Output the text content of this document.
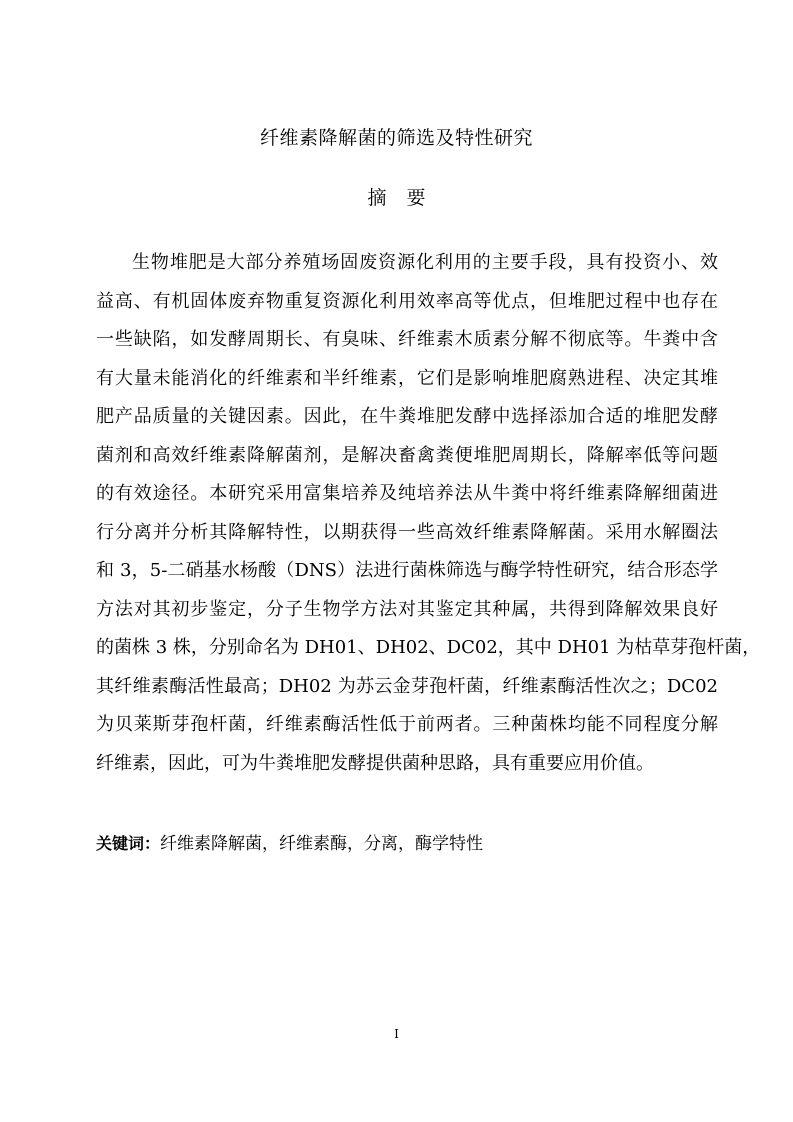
纤维素降解菌的筛选及特性研究
摘要
生物堆肥是大部分养殖场固废资源化利用的主要手段，具有投资小、效
益高、有机固体废弃物重复资源化利用效率高等优点，但堆肥过程中也存在
一些缺陷，如发酵周期长、有臭味、纤维素木质素分解不彻底等。牛粪中含
有大量未能消化的纤维素和半纤维素，它们是影响堆肥腐熟进程、决定其堆
肥产品质量的关键因素。因此，在牛粪堆肥发酵中选择添加合适的堆肥发酵
菌剂和高效纤维素降解菌剂，是解决畜禽粪便堆肥周期长，降解率低等问题
的有效途径。本研究采用富集培养及纯培养法从牛粪中将纤维素降解细菌进
行分离并分析其降解特性，以期获得一些高效纤维素降解菌。采用水解圈法
和 3，5-二硝基水杨酸（DNS）法进行菌株筛选与酶学特性研究，结合形态学
方法对其初步鉴定，分子生物学方法对其鉴定其种属，共得到降解效果良好
的菌株 3 株，分别命名为 DH01、DH02、DC02，其中 DH01 为枯草芽孢杆菌，
其纤维素酶活性最高；DH02 为苏云金芽孢杆菌，纤维素酶活性次之；DC02
为贝莱斯芽孢杆菌，纤维素酶活性低于前两者。三种菌株均能不同程度分解
纤维素，因此，可为牛粪堆肥发酵提供菌种思路，具有重要应用价值。
关键词：纤维素降解菌，纤维素酶，分离，酶学特性
I
